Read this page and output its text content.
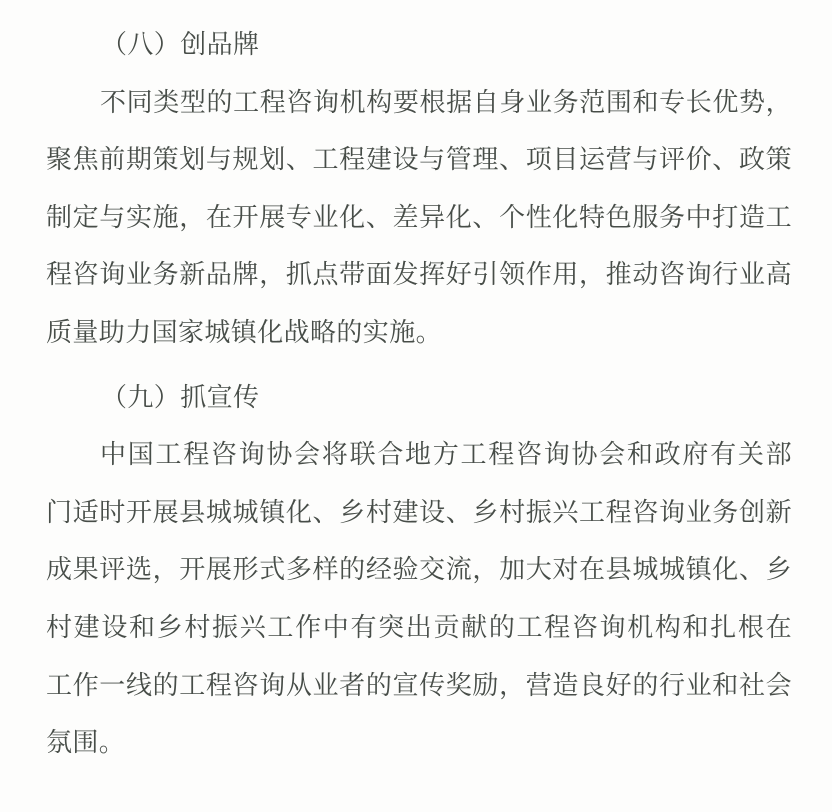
（八）创品牌
不同类型的工程咨询机构要根据自身业务范围和专长优势，
聚焦前期策划与规划、工程建设与管理、项目运营与评价、政策
制定与实施，在开展专业化、差异化、个性化特色服务中打造工
程咨询业务新品牌，抓点带面发挥好引领作用，推动咨询行业高
质量助力国家城镇化战略的实施。
（九）抓宣传
中国工程咨询协会将联合地方工程咨询协会和政府有关部
门适时开展县城城镇化、乡村建设、乡村振兴工程咨询业务创新
成果评选，开展形式多样的经验交流，加大对在县城城镇化、乡
村建设和乡村振兴工作中有突出贡献的工程咨询机构和扎根在
工作一线的工程咨询从业者的宣传奖励，营造良好的行业和社会
氛围。
